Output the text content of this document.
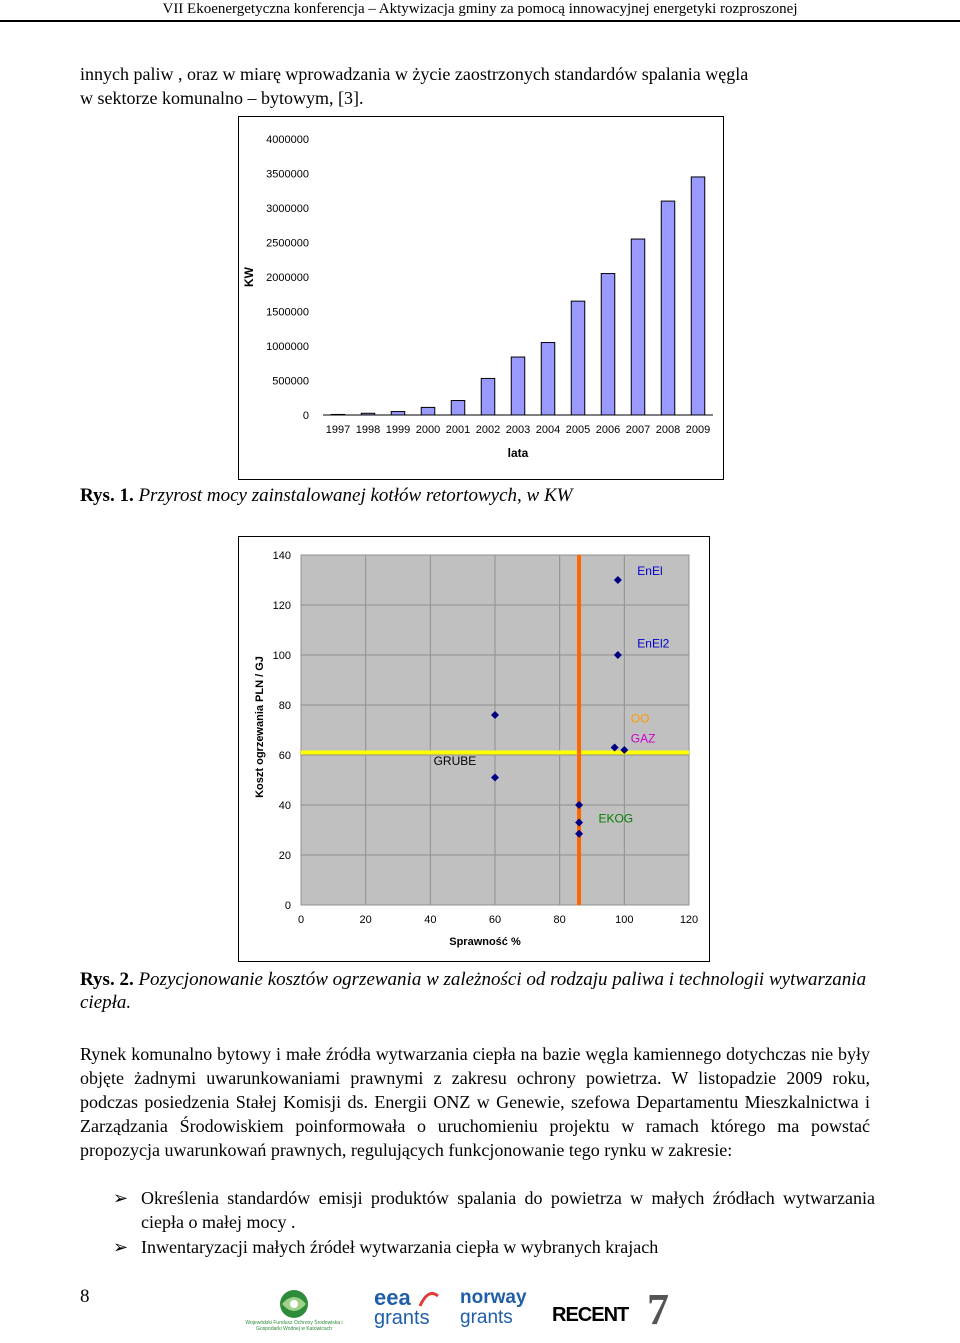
VII Ekoenergetyczna konferencja – Aktywizacja gminy za pomocą innowacyjnej energetyki rozproszonej
innych paliw , oraz w miarę wprowadzania w życie zaostrzonych standardów spalania węgla
w sektorze komunalno – bytowym, [3].
4000000
3500000
3000000
2500000
2000000
1500000
1000000
500000
0
1997 1998 1999 2000 2001 2002 2003 2004 2005 2006 2007 2008 2009
KW
lata
Rys. 1. Przyrost mocy zainstalowanej kotłów retortowych, w KW
0	20	40	60	80	100	120
140
120
100
80
60
40
20
0
EnEl
EnEl2
OO
GAZ
GRUBE
EKOG
Koszt ogrzewania PLN / GJ
Sprawność %
Rys. 2. Pozycjonowanie kosztów ogrzewania w zależności od rodzaju paliwa i technologii wytwarzania ciepła.
Rynek komunalno bytowy i małe źródła wytwarzania ciepła na bazie węgla kamiennego dotychczas nie były objęte żadnymi uwarunkowaniami prawnymi z zakresu ochrony powietrza. W listopadzie 2009 roku, podczas posiedzenia Stałej Komisji ds. Energii ONZ w Genewie, szefowa Departamentu Mieszkalnictwa i Zarządzania Środowiskiem poinformowała o uruchomieniu projektu w ramach którego ma powstać propozycja uwarunkowań prawnych, regulujących funkcjonowanie tego rynku w zakresie:
➢ Określenia standardów emisji produktów spalania do powietrza w małych źródłach wytwarzania ciepła o małej mocy .
➢ Inwentaryzacji małych źródeł wytwarzania ciepła w wybranych krajach
8
Wojewódzki Fundusz Ochrony Środowiska i Gospodarki Wodnej w Katowicach
eea
grants
norway
grants	RECENT 7
